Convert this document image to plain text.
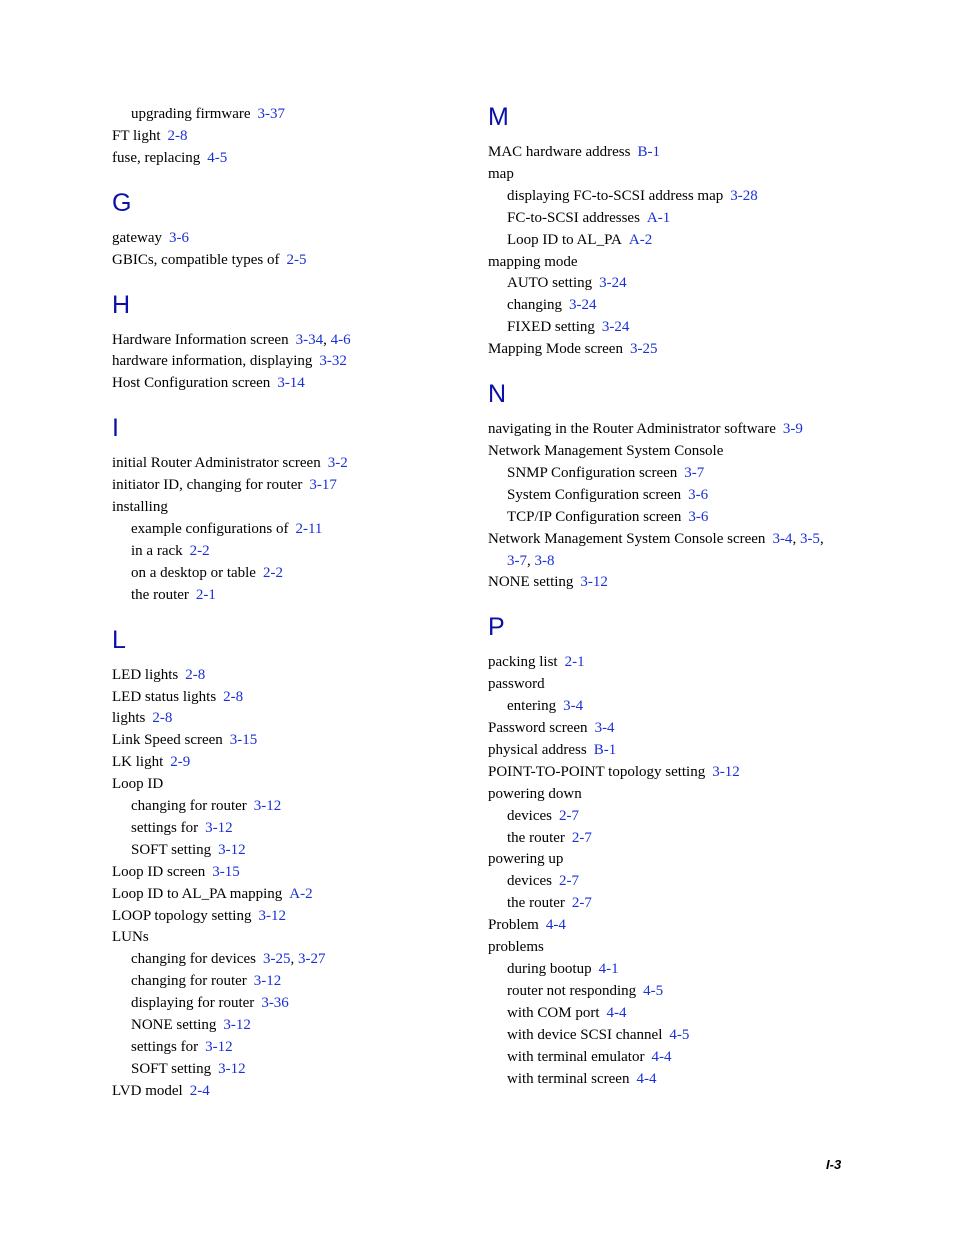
upgrading firmware 3-37
FT light 2-8
fuse, replacing 4-5
G
gateway 3-6
GBICs, compatible types of 2-5
H
Hardware Information screen 3-34, 4-6
hardware information, displaying 3-32
Host Configuration screen 3-14
I
initial Router Administrator screen 3-2
initiator ID, changing for router 3-17
installing
example configurations of 2-11
in a rack 2-2
on a desktop or table 2-2
the router 2-1
L
LED lights 2-8
LED status lights 2-8
lights 2-8
Link Speed screen 3-15
LK light 2-9
Loop ID
changing for router 3-12
settings for 3-12
SOFT setting 3-12
Loop ID screen 3-15
Loop ID to AL_PA mapping A-2
LOOP topology setting 3-12
LUNs
changing for devices 3-25, 3-27
changing for router 3-12
displaying for router 3-36
NONE setting 3-12
settings for 3-12
SOFT setting 3-12
LVD model 2-4
M
MAC hardware address B-1
map
displaying FC-to-SCSI address map 3-28
FC-to-SCSI addresses A-1
Loop ID to AL_PA A-2
mapping mode
AUTO setting 3-24
changing 3-24
FIXED setting 3-24
Mapping Mode screen 3-25
N
navigating in the Router Administrator software 3-9
Network Management System Console
SNMP Configuration screen 3-7
System Configuration screen 3-6
TCP/IP Configuration screen 3-6
Network Management System Console screen 3-4, 3-5,
3-7, 3-8
NONE setting 3-12
P
packing list 2-1
password
entering 3-4
Password screen 3-4
physical address B-1
POINT-TO-POINT topology setting 3-12
powering down
devices 2-7
the router 2-7
powering up
devices 2-7
the router 2-7
Problem 4-4
problems
during bootup 4-1
router not responding 4-5
with COM port 4-4
with device SCSI channel 4-5
with terminal emulator 4-4
with terminal screen 4-4
I-3
